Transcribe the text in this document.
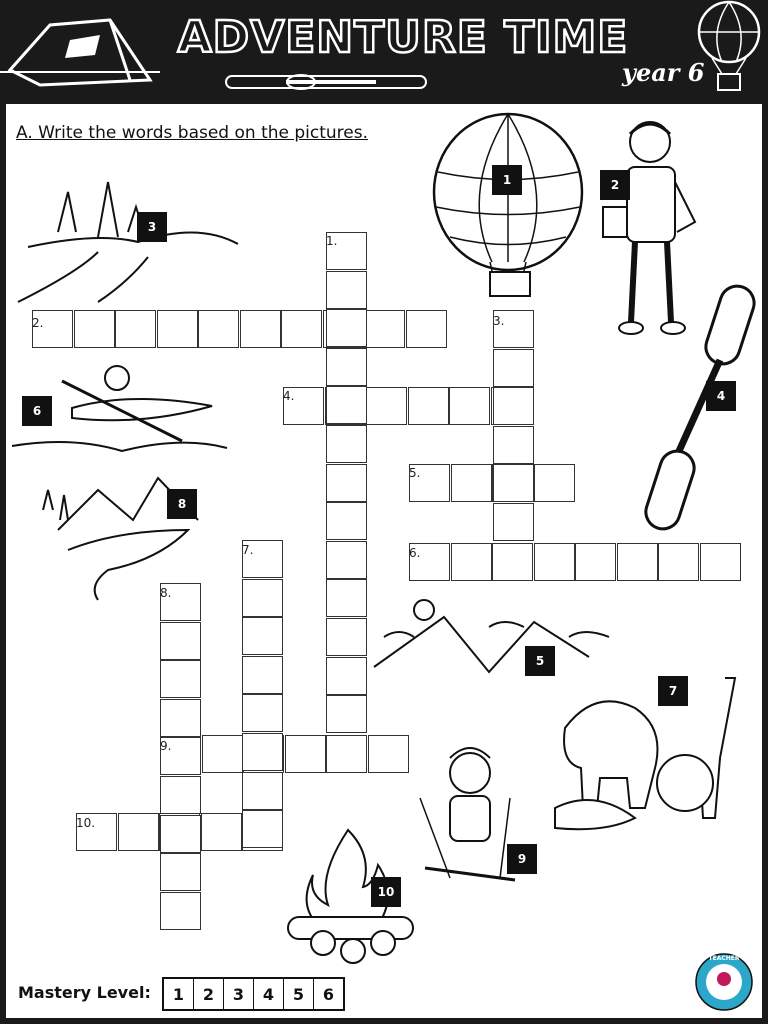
ADVENTURE TIME
year 6
A. Write the words based on the pictures.
1.
2.	3.
4.
5.
6.
7.
8.
9.
10.
1	2
3
4
5
6
7
8
9
10
Mastery Level:	1	2	3	4	5	6
TEACHER
